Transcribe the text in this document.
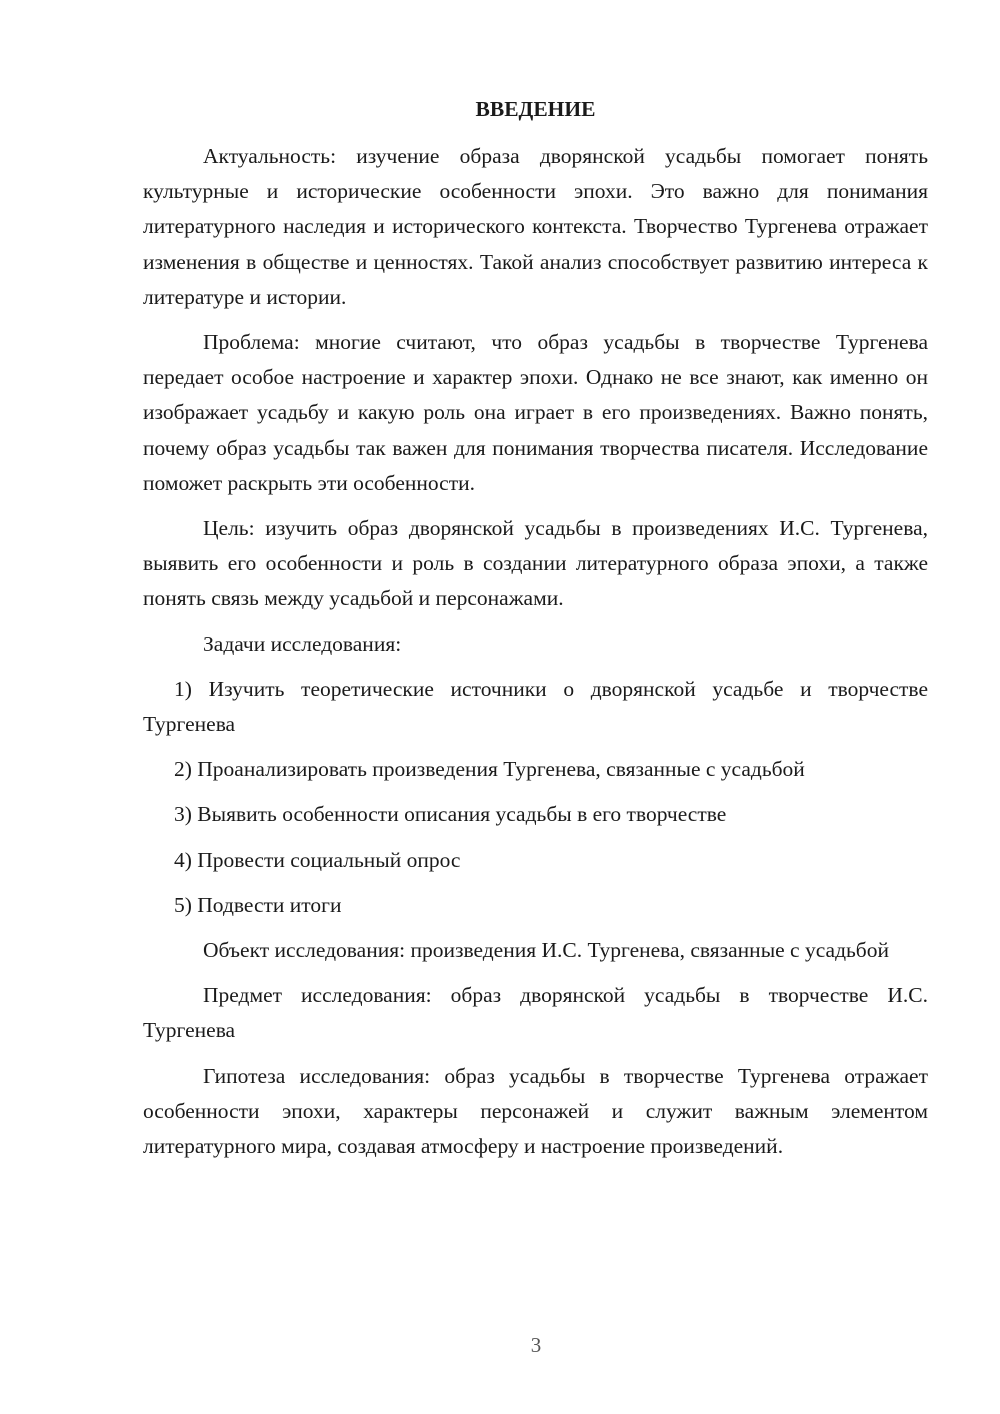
ВВЕДЕНИЕ

Актуальность: изучение образа дворянской усадьбы помогает понять культурные и исторические особенности эпохи. Это важно для понимания литературного наследия и исторического контекста. Творчество Тургенева отражает изменения в обществе и ценностях. Такой анализ способствует развитию интереса к литературе и истории.

Проблема: многие считают, что образ усадьбы в творчестве Тургенева передает особое настроение и характер эпохи. Однако не все знают, как именно он изображает усадьбу и какую роль она играет в его произведениях. Важно понять, почему образ усадьбы так важен для понимания творчества писателя. Исследование поможет раскрыть эти особенности.

Цель: изучить образ дворянской усадьбы в произведениях И.С. Тургенева, выявить его особенности и роль в создании литературного образа эпохи, а также понять связь между усадьбой и персонажами.

Задачи исследования:

1) Изучить теоретические источники о дворянской усадьбе и творчестве Тургенева

2) Проанализировать произведения Тургенева, связанные с усадьбой

3) Выявить особенности описания усадьбы в его творчестве

4) Провести социальный опрос

5) Подвести итоги

Объект исследования: произведения И.С. Тургенева, связанные с усадьбой

Предмет исследования: образ дворянской усадьбы в творчестве И.С. Тургенева

Гипотеза исследования: образ усадьбы в творчестве Тургенева отражает особенности эпохи, характеры персонажей и служит важным элементом литературного мира, создавая атмосферу и настроение произведений.

3
